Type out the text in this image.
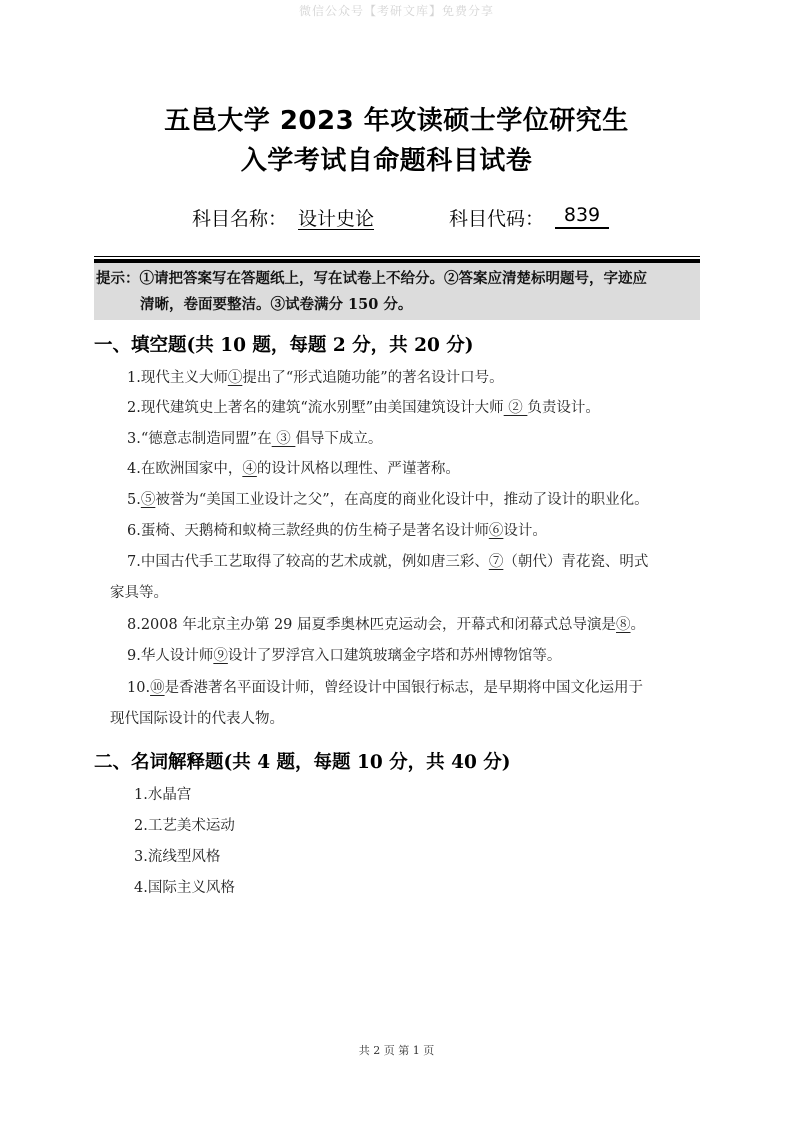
微信公众号【考研文库】免费分享
五邑大学 2023 年攻读硕士学位研究生
入学考试自命题科目试卷
科目名称： 设计史论	科目代码：	839
提示：①请把答案写在答题纸上，写在试卷上不给分。②答案应清楚标明题号，字迹应
清晰，卷面要整洁。③试卷满分 150 分。
一、填空题(共 10 题，每题 2 分，共 20 分)
1.现代主义大师①提出了“形式追随功能”的著名设计口号。
2.现代建筑史上著名的建筑“流水别墅”由美国建筑设计大师 ② 负责设计。
3.“德意志制造同盟”在 ③ 倡导下成立。
4.在欧洲国家中，④的设计风格以理性、严谨著称。
5.⑤被誉为“美国工业设计之父”，在高度的商业化设计中，推动了设计的职业化。
6.蛋椅、天鹅椅和蚁椅三款经典的仿生椅子是著名设计师⑥设计。
7.中国古代手工艺取得了较高的艺术成就，例如唐三彩、⑦（朝代）青花瓷、明式
家具等。
8.2008 年北京主办第 29 届夏季奥林匹克运动会，开幕式和闭幕式总导演是⑧。
9.华人设计师⑨设计了罗浮宫入口建筑玻璃金字塔和苏州博物馆等。
10.⑩是香港著名平面设计师，曾经设计中国银行标志，是早期将中国文化运用于
现代国际设计的代表人物。
二、名词解释题(共 4 题，每题 10 分，共 40 分)
1.水晶宫
2.工艺美术运动
3.流线型风格
4.国际主义风格
共 2 页 第 1 页
